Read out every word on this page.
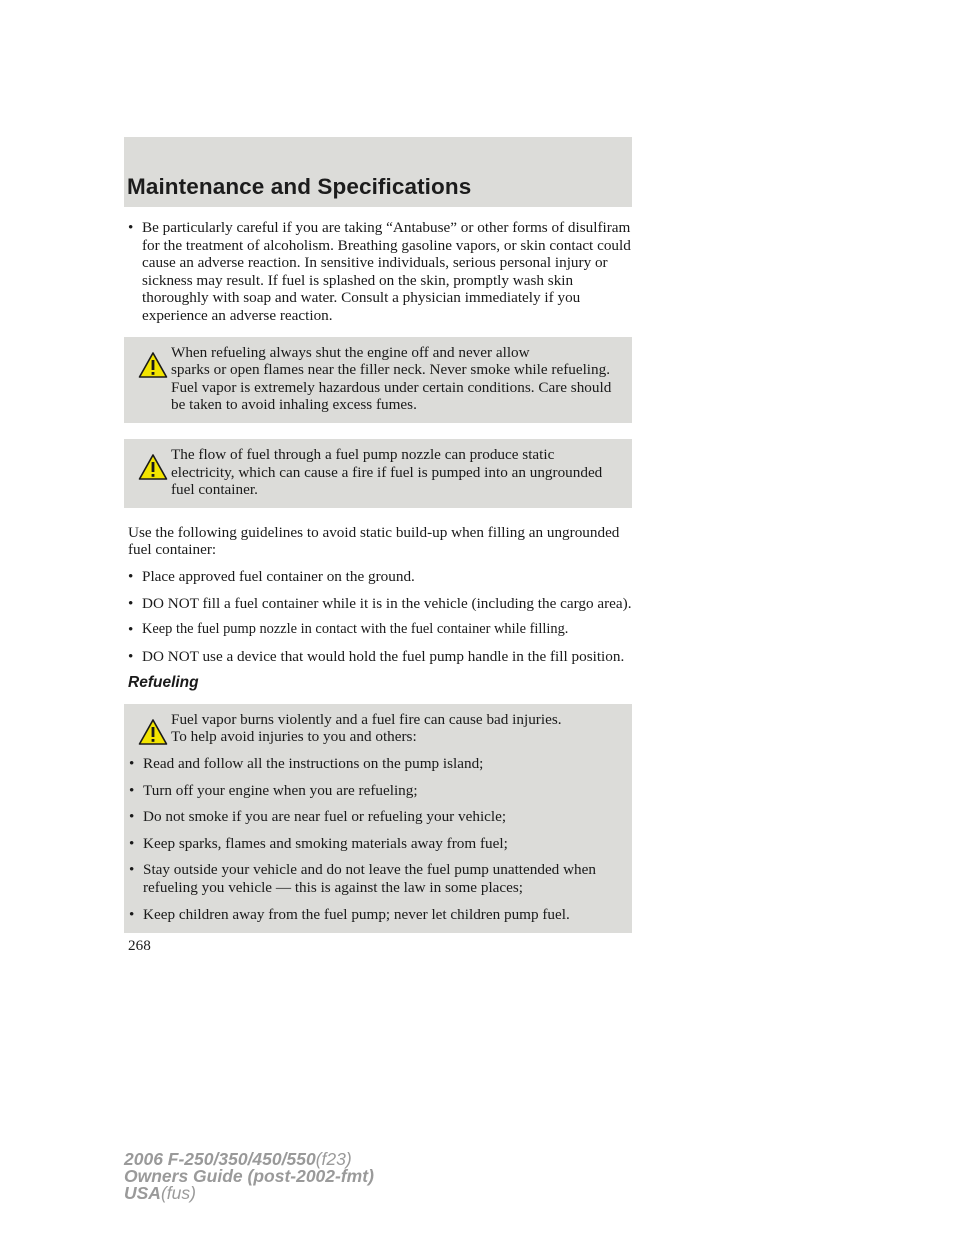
Maintenance and Specifications
• Be particularly careful if you are taking “Antabuse” or other forms of disulfiram for the treatment of alcoholism. Breathing gasoline vapors, or skin contact could cause an adverse reaction. In sensitive individuals, serious personal injury or sickness may result. If fuel is splashed on the skin, promptly wash skin thoroughly with soap and water. Consult a physician immediately if you experience an adverse reaction.
When refueling always shut the engine off and never allow
sparks or open flames near the filler neck. Never smoke while refueling. Fuel vapor is extremely hazardous under certain conditions. Care should be taken to avoid inhaling excess fumes.
The flow of fuel through a fuel pump nozzle can produce static
electricity, which can cause a fire if fuel is pumped into an ungrounded fuel container.
Use the following guidelines to avoid static build-up when filling an ungrounded fuel container:
• Place approved fuel container on the ground.
• DO NOT fill a fuel container while it is in the vehicle (including the cargo area).
• Keep the fuel pump nozzle in contact with the fuel container while filling.
• DO NOT use a device that would hold the fuel pump handle in the fill position.
Refueling
Fuel vapor burns violently and a fuel fire can cause bad injuries.
To help avoid injuries to you and others:
• Read and follow all the instructions on the pump island;
• Turn off your engine when you are refueling;
• Do not smoke if you are near fuel or refueling your vehicle;
• Keep sparks, flames and smoking materials away from fuel;
• Stay outside your vehicle and do not leave the fuel pump unattended when refueling you vehicle — this is against the law in some places;
• Keep children away from the fuel pump; never let children pump fuel.
268
2006 F-250/350/450/550(f23)
Owners Guide (post-2002-fmt)
USA(fus)
